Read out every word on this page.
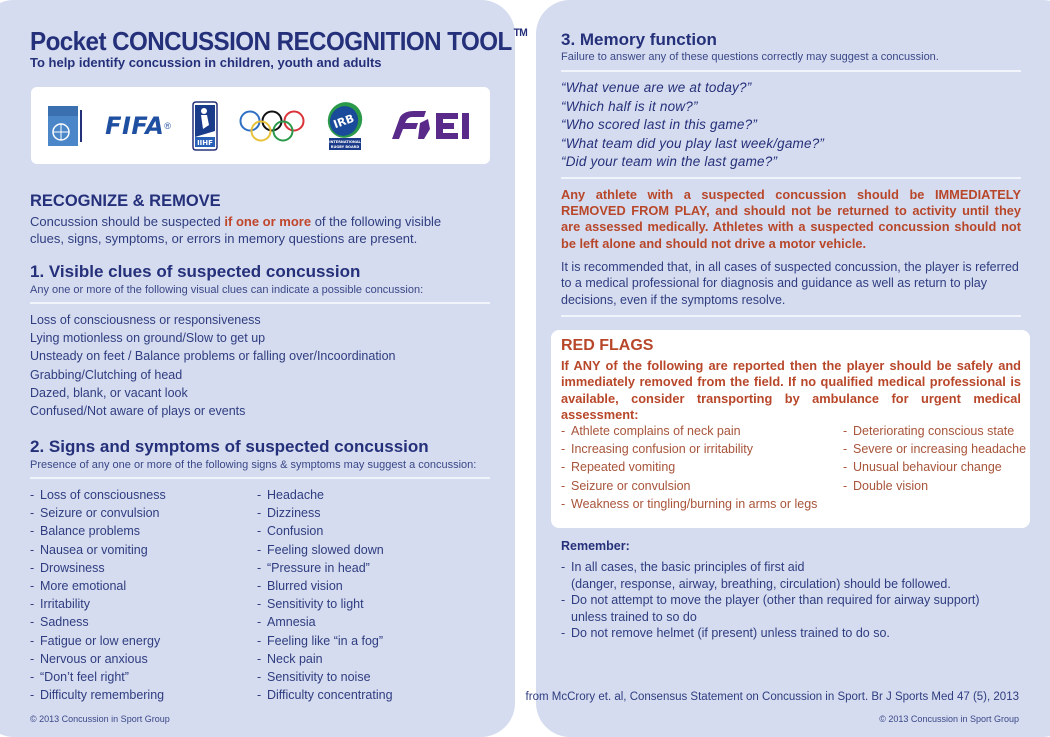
Pocket CONCUSSION RECOGNITION TOOL ™
To help identify concussion in children, youth and adults
FIFA ®
IIHF
IRB
INTERNATIONAL
RUGBY BOARD
RECOGNIZE & REMOVE
Concussion should be suspected if one or more of the following visible clues, signs, symptoms, or errors in memory questions are present.
1. Visible clues of suspected concussion
Any one or more of the following visual clues can indicate a possible concussion:
Loss of consciousness or responsiveness
Lying motionless on ground/Slow to get up
Unsteady on feet / Balance problems or falling over/Incoordination
Grabbing/Clutching of head
Dazed, blank, or vacant look
Confused/Not aware of plays or events
2. Signs and symptoms of suspected concussion
Presence of any one or more of the following signs & symptoms may suggest a concussion:
- Loss of consciousness
- Seizure or convulsion
- Balance problems
- Nausea or vomiting
- Drowsiness
- More emotional
- Irritability
- Sadness
- Fatigue or low energy
- Nervous or anxious
- “Don’t feel right”
- Difficulty remembering
- Headache
- Dizziness
- Confusion
- Feeling slowed down
- “Pressure in head”
- Blurred vision
- Sensitivity to light
- Amnesia
- Feeling like “in a fog”
- Neck pain
- Sensitivity to noise
- Difficulty concentrating
© 2013 Concussion in Sport Group
3. Memory function
Failure to answer any of these questions correctly may suggest a concussion.
“What venue are we at today?”
“Which half is it now?”
“Who scored last in this game?”
“What team did you play last week/game?”
“Did your team win the last game?”
Any athlete with a suspected concussion should be IMMEDIATELY REMOVED FROM PLAY, and should not be returned to activity until they are assessed medically. Athletes with a suspected concussion should not be left alone and should not drive a motor vehicle.
It is recommended that, in all cases of suspected concussion, the player is referred to a medical professional for diagnosis and guidance as well as return to play decisions, even if the symptoms resolve.
RED FLAGS
If ANY of the following are reported then the player should be safely and immediately removed from the field. If no qualified medical professional is available, consider transporting by ambulance for urgent medical assessment:
- Athlete complains of neck pain
- Increasing confusion or irritability
- Repeated vomiting
- Seizure or convulsion
- Weakness or tingling/burning in arms or legs
- Deteriorating conscious state
- Severe or increasing headache
- Unusual behaviour change
- Double vision
Remember:
- In all cases, the basic principles of first aid
(danger, response, airway, breathing, circulation) should be followed.
- Do not attempt to move the player (other than required for airway support)
unless trained to so do
- Do not remove helmet (if present) unless trained to do so.
from McCrory et. al, Consensus Statement on Concussion in Sport. Br J Sports Med 47 (5), 2013
© 2013 Concussion in Sport Group
